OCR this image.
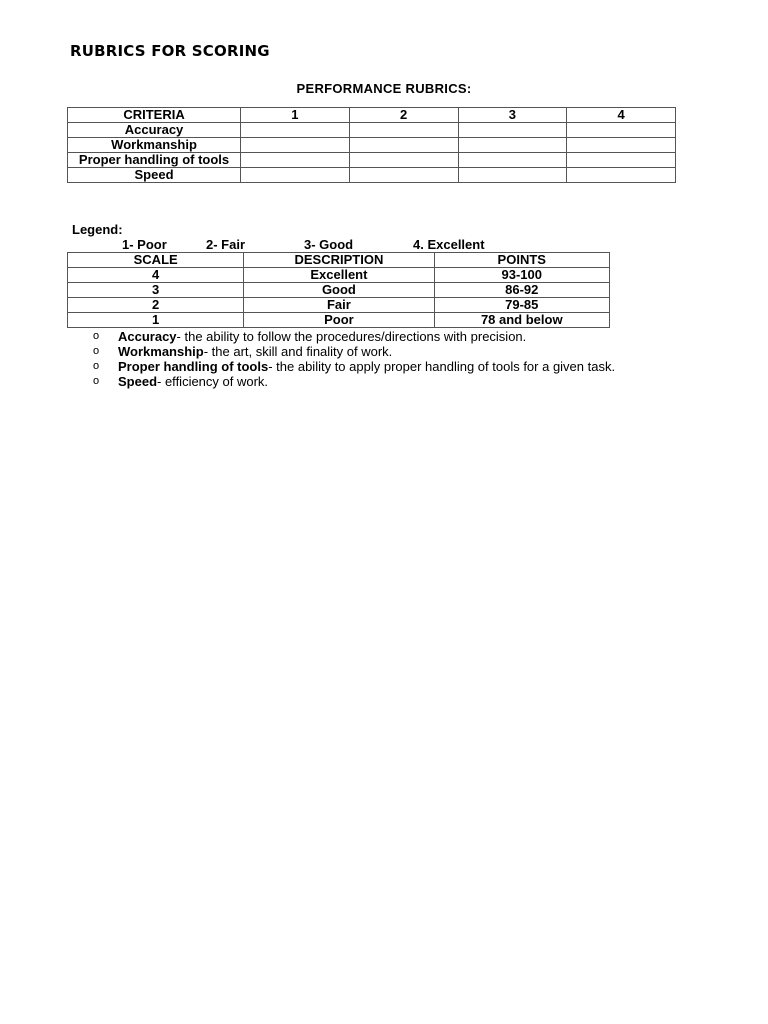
RUBRICS FOR SCORING
PERFORMANCE RUBRICS:
CRITERIA	1	2	3	4
Accuracy				
Workmanship				
Proper handling of tools				
Speed				
Legend:
1- Poor	2- Fair	3- Good	4. Excellent
SCALE	DESCRIPTION	POINTS
4	Excellent	93-100
3	Good	86-92
2	Fair	79-85
1	Poor	78 and below
o Accuracy- the ability to follow the procedures/directions with precision.
o Workmanship- the art, skill and finality of work.
o Proper handling of tools- the ability to apply proper handling of tools for a given task.
o Speed- efficiency of work.
